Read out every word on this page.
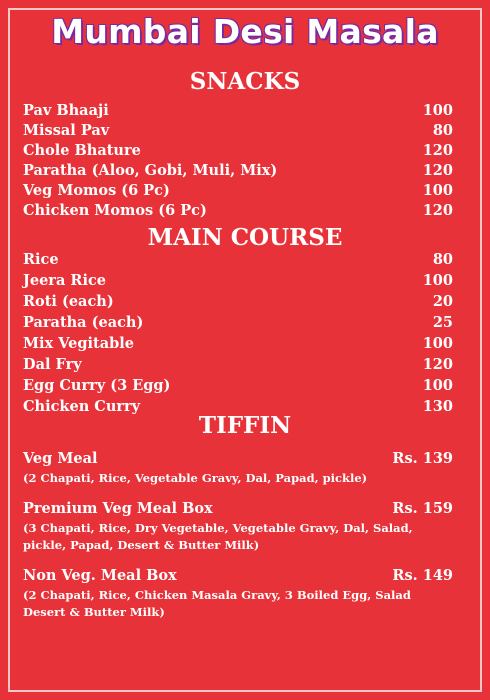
Mumbai Desi Masala
SNACKS
Pav Bhaaji	100
Missal Pav	80
Chole Bhature	120
Paratha (Aloo, Gobi, Muli, Mix)	120
Veg Momos (6 Pc)	100
Chicken Momos (6 Pc)	120
MAIN COURSE
Rice	80
Jeera Rice	100
Roti (each)	20
Paratha (each)	25
Mix Vegitable	100
Dal Fry	120
Egg Curry (3 Egg)	100
Chicken Curry	130
TIFFIN
Veg Meal	Rs. 139
(2 Chapati, Rice, Vegetable Gravy, Dal, Papad, pickle)
Premium Veg Meal Box	Rs. 159
(3 Chapati, Rice, Dry Vegetable, Vegetable Gravy, Dal, Salad, pickle, Papad, Desert & Butter Milk)
Non Veg. Meal Box	Rs. 149
(2 Chapati, Rice, Chicken Masala Gravy, 3 Boiled Egg, Salad Desert & Butter Milk)
